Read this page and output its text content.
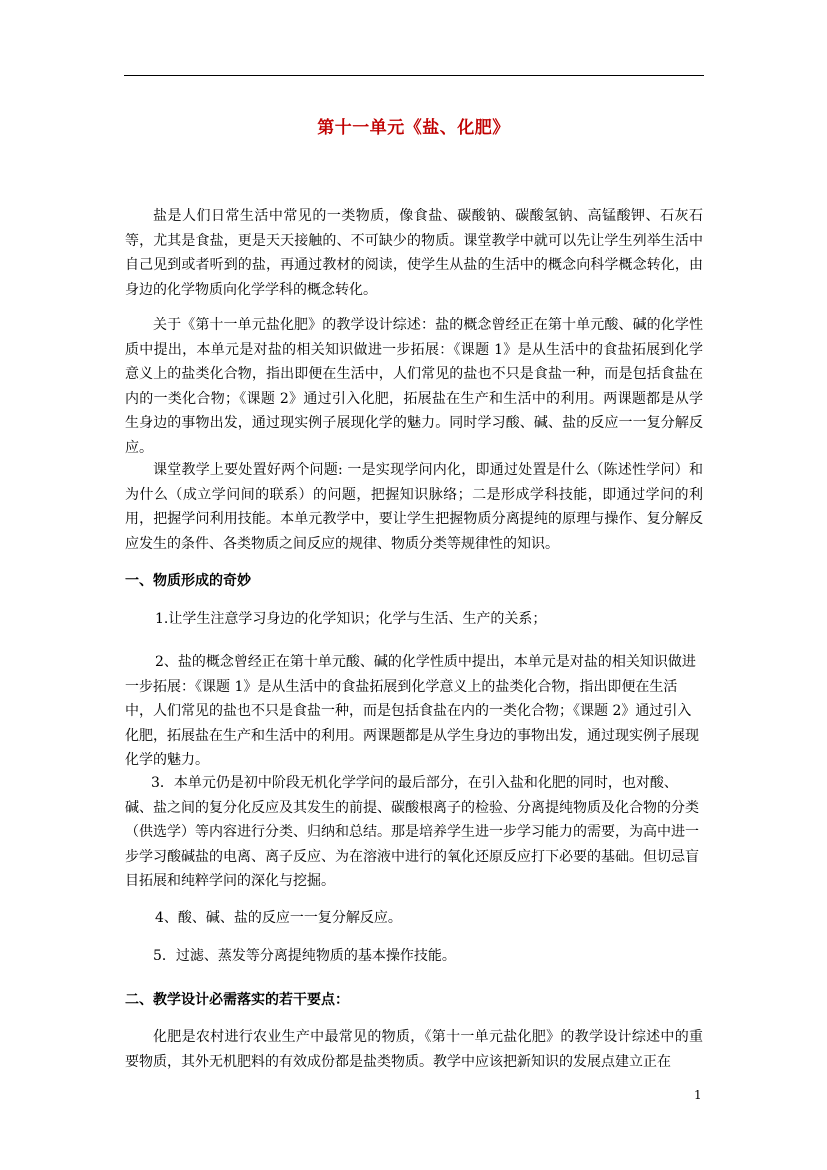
第十一单元《盐、化肥》

盐是人们日常生活中常见的一类物质，像食盐、碳酸钠、碳酸氢钠、高锰酸钾、石灰石等，尤其是食盐，更是天天接触的、不可缺少的物质。课堂教学中就可以先让学生列举生活中自己见到或者听到的盐，再通过教材的阅读，使学生从盐的生活中的概念向科学概念转化，由身边的化学物质向化学学科的概念转化。

关于《第十一单元盐化肥》的教学设计综述：盐的概念曾经正在第十单元酸、碱的化学性质中提出，本单元是对盐的相关知识做进一步拓展：《课题 1》是从生活中的食盐拓展到化学意义上的盐类化合物，指出即便在生活中，人们常见的盐也不只是食盐一种，而是包括食盐在内的一类化合物；《课题 2》通过引入化肥，拓展盐在生产和生活中的利用。两课题都是从学生身边的事物出发，通过现实例子展现化学的魅力。同时学习酸、碱、盐的反应一一复分解反应。

课堂教学上要处置好两个问题: 一是实现学问内化，即通过处置是什么（陈述性学问）和为什么（成立学问间的联系）的问题，把握知识脉络；二是形成学科技能，即通过学问的利用，把握学问利用技能。本单元教学中，要让学生把握物质分离提纯的原理与操作、复分解反应发生的条件、各类物质之间反应的规律、物质分类等规律性的知识。

一、物质形成的奇妙

1.让学生注意学习身边的化学知识；化学与生活、生产的关系；

2、盐的概念曾经正在第十单元酸、碱的化学性质中提出，本单元是对盐的相关知识做进一步拓展：《课题 1》是从生活中的食盐拓展到化学意义上的盐类化合物，指出即便在生活中，人们常见的盐也不只是食盐一种，而是包括食盐在内的一类化合物；《课题 2》通过引入化肥，拓展盐在生产和生活中的利用。两课题都是从学生身边的事物出发，通过现实例子展现化学的魅力。

3．本单元仍是初中阶段无机化学学问的最后部分，在引入盐和化肥的同时，也对酸、碱、盐之间的复分化反应及其发生的前提、碳酸根离子的检验、分离提纯物质及化合物的分类（供选学）等内容进行分类、归纳和总结。那是培养学生进一步学习能力的需要，为高中进一步学习酸碱盐的电离、离子反应、为在溶液中进行的氧化还原反应打下必要的基础。但切忌盲目拓展和纯粹学问的深化与挖掘。

4、酸、碱、盐的反应一一复分解反应。

5．过滤、蒸发等分离提纯物质的基本操作技能。

二、教学设计必需落实的若干要点：

化肥是农村进行农业生产中最常见的物质，《第十一单元盐化肥》的教学设计综述中的重要物质，其外无机肥料的有效成份都是盐类物质。教学中应该把新知识的发展点建立正在

1
